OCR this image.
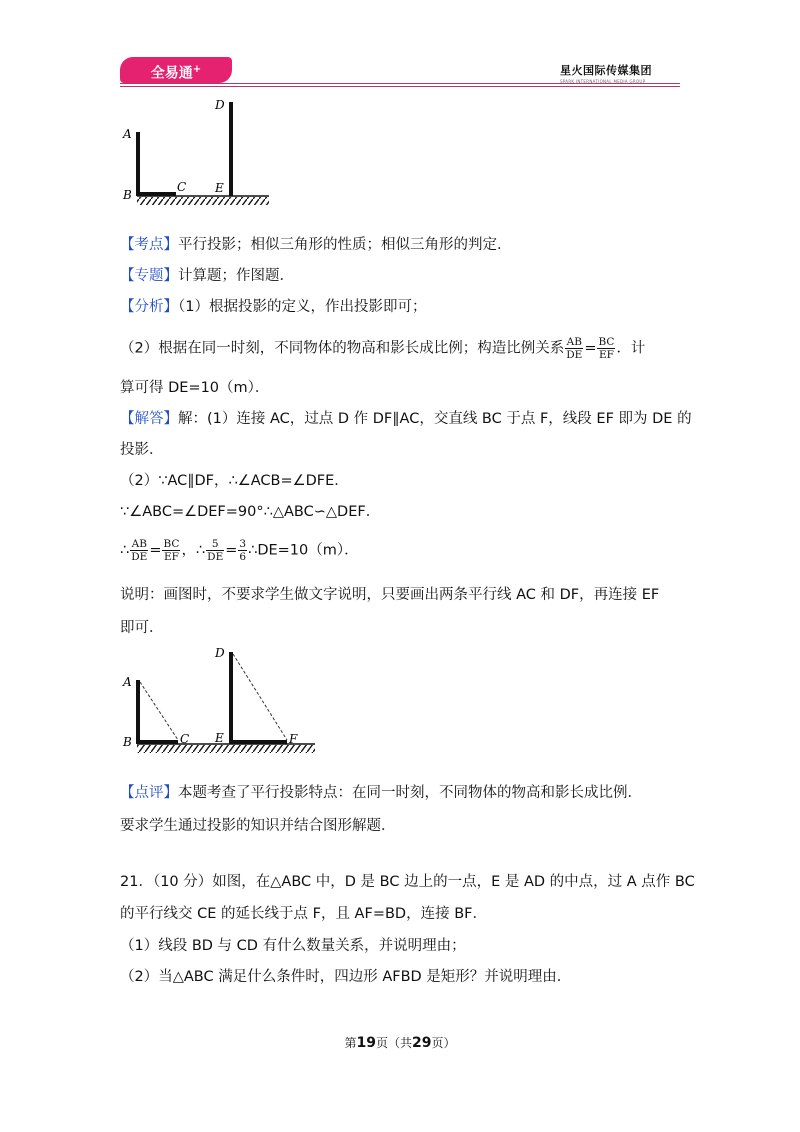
全易通+	星火国际传媒集团
SPARK INTERNATIONAL MEDIA GROUP
A
B
C
D
E
【考点】平行投影；相似三角形的性质；相似三角形的判定．
【专题】计算题；作图题．
【分析】（1）根据投影的定义，作出投影即可；
（2）根据在同一时刻，不同物体的物高和影长成比例；构造比例关系 $\frac{AB}{DE} = \frac{BC}{EF}$ ．计
算可得 DE=10（m）．
【解答】解：(1）连接 AC，过点 D 作 DF∥AC，交直线 BC 于点 F，线段 EF 即为 DE 的
投影．
（2）∵AC∥DF，∴∠ACB=∠DFE．
∵∠ABC=∠DEF=90°∴△ABC∽△DEF．
∴ $\frac{AB}{DE} = \frac{BC}{EF}$ ，∴ $\frac{5}{DE} = \frac{3}{6}$ ∴DE=10（m）．
说明：画图时，不要求学生做文字说明，只要画出两条平行线 AC 和 DF，再连接 EF
即可．
A
B	C
D
E	F
【点评】本题考查了平行投影特点：在同一时刻，不同物体的物高和影长成比例．
要求学生通过投影的知识并结合图形解题．
21．（10 分）如图，在△ABC 中，D 是 BC 边上的一点，E 是 AD 的中点，过 A 点作 BC
的平行线交 CE 的延长线于点 F，且 AF=BD，连接 BF．
（1）线段 BD 与 CD 有什么数量关系，并说明理由；
（2）当△ABC 满足什么条件时，四边形 AFBD 是矩形？并说明理由．
第19页（共29页）
